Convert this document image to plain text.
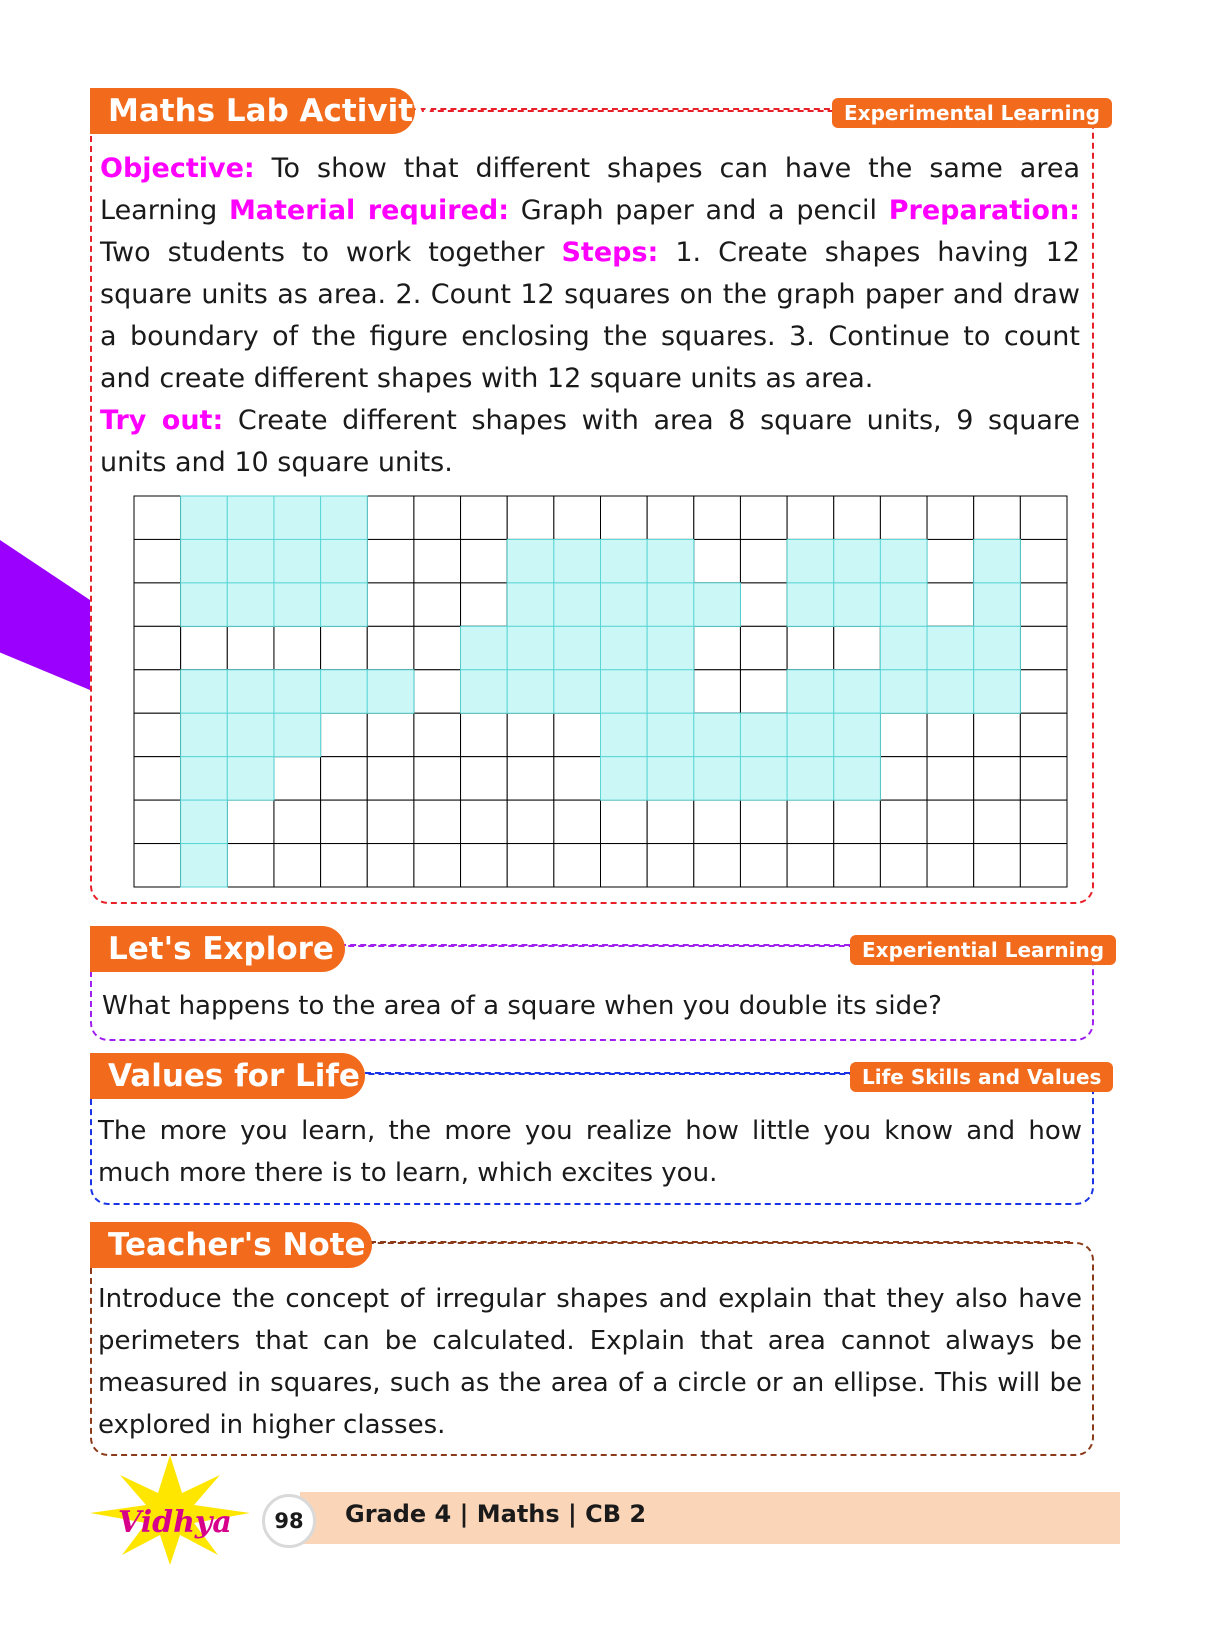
Maths Lab Activity	Experimental Learning
Objective: To show that different shapes can have the same area Learning Material required: Graph paper and a pencil Preparation: Two students to work together Steps: 1. Create shapes having 12 square units as area. 2. Count 12 squares on the graph paper and draw a boundary of the figure enclosing the squares. 3. Continue to count and create different shapes with 12 square units as area.
Try out: Create different shapes with area 8 square units, 9 square units and 10 square units.
Let's Explore	Experiential Learning
What happens to the area of a square when you double its side?
Values for Life	Life Skills and Values
The more you learn, the more you realize how little you know and how much more there is to learn, which excites you.
Teacher's Note
Introduce the concept of irregular shapes and explain that they also have perimeters that can be calculated. Explain that area cannot always be measured in squares, such as the area of a circle or an ellipse. This will be explored in higher classes.
Vidhya	98	Grade 4 | Maths | CB 2
